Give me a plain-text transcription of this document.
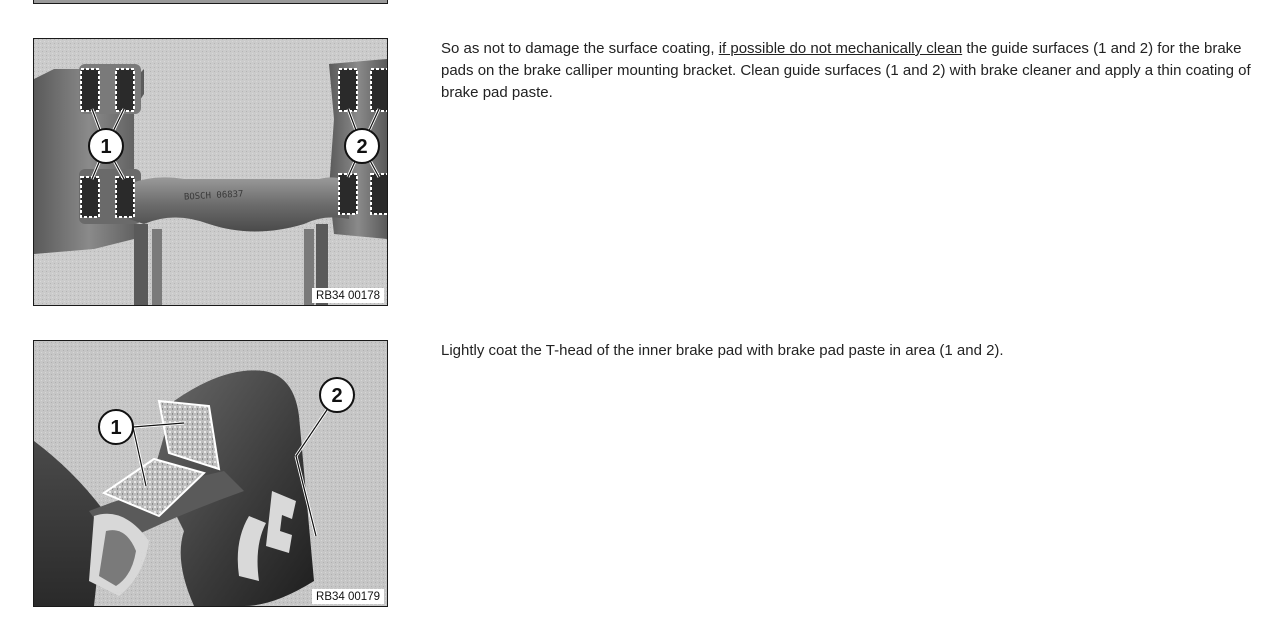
BOSCH 06837
1	2
RB34 00178
So as not to damage the surface coating, if possible do not mechanically clean the guide surfaces (1 and 2) for the brake pads on the brake calliper mounting bracket. Clean guide surfaces (1 and 2) with brake cleaner and apply a thin coating of brake pad paste.
1
2
RB34 00179
Lightly coat the T-head of the inner brake pad with brake pad paste in area (1 and 2).
